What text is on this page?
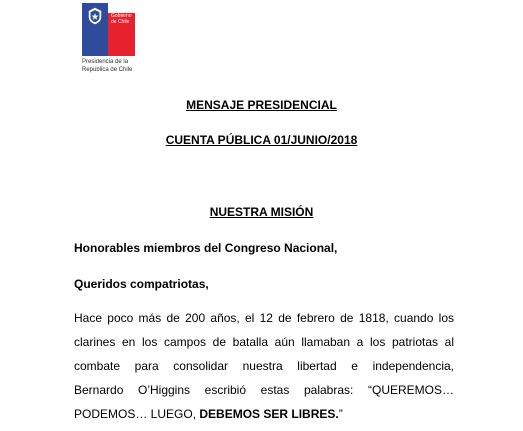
Gobierno
de Chile
Presidencia de la
República de Chile
MENSAJE PRESIDENCIAL
CUENTA PÚBLICA 01/JUNIO/2018
NUESTRA MISIÓN
Honorables miembros del Congreso Nacional,
Queridos compatriotas,
Hace poco más de 200 años, el 12 de febrero de 1818, cuando los
clarines en los campos de batalla aún llamaban a los patriotas al
combate para consolidar nuestra libertad e independencia,
Bernardo O’Higgins escribió estas palabras: “QUEREMOS…
PODEMOS… LUEGO, DEBEMOS SER LIBRES.”
